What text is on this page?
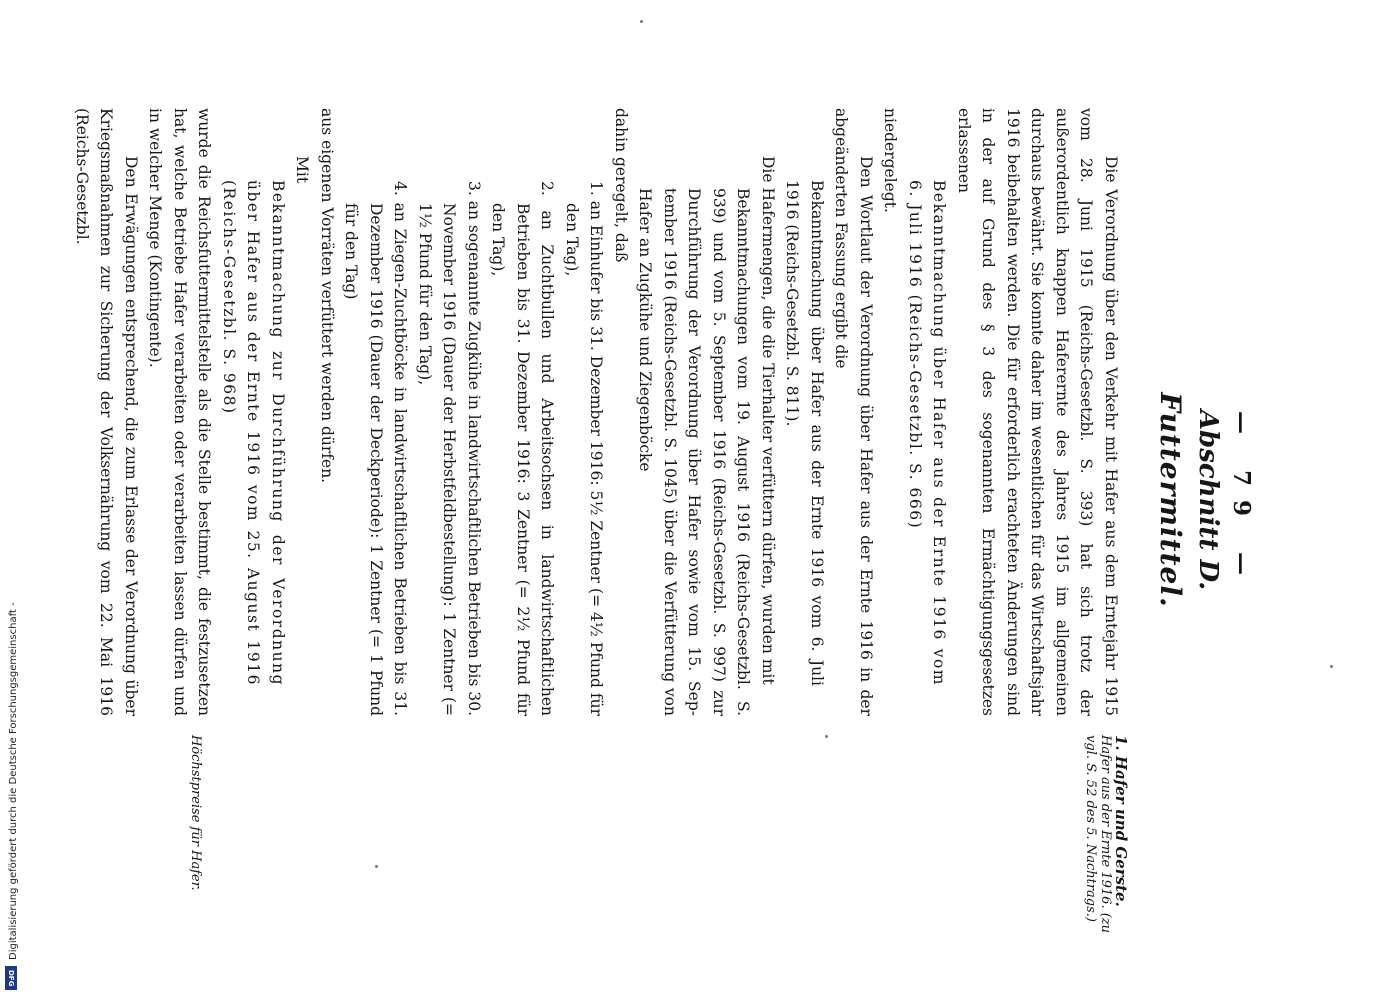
— 79 —
Abschnitt D.
Futtermittel.
1. Hafer und Gerste.
Hafer aus der Ernte 1916. (zu vgl. S. 52 des 5. Nachtrags.)
Höchstpreise für Hafer.

Die Verordnung über den Verkehr mit Hafer aus dem Erntejahr 1915 vom 28. Juni 1915 (Reichs-Gesetzbl. S. 393) hat sich trotz der außerordentlich knappen Haferernte des Jahres 1915 im allgemeinen durchaus bewährt. Sie konnte daher im wesentlichen für das Wirtschaftsjahr 1916 beibehalten werden. Die für erforderlich erachteten Änderungen sind in der auf Grund des § 3 des sogenannten Ermächtigungsgesetzes erlassenen

Bekanntmachung über Hafer aus der Ernte 1916 vom 6. Juli 1916 (Reichs-Gesetzbl. S. 666)

niedergelegt.

Den Wortlaut der Verordnung über Hafer aus der Ernte 1916 in der abgeänderten Fassung ergibt die

Bekanntmachung über Hafer aus der Ernte 1916 vom 6. Juli 1916 (Reichs-Gesetzbl. S. 811).

Die Hafermengen, die die Tierhalter verfüttern dürfen, wurden mit

Bekanntmachungen vom 19. August 1916 (Reichs-Gesetzbl. S. 939) und vom 5. September 1916 (Reichs-Gesetzbl. S. 997) zur Durchführung der Verordnung über Hafer sowie vom 15. September 1916 (Reichs-Gesetzbl. S. 1045) über die Verfütterung von Hafer an Zugkühe und Ziegenböcke

dahin geregelt, daß

1. an Einhufer bis 31. Dezember 1916: 5½ Zentner (= 4½ Pfund für den Tag),

2. an Zuchtbullen und Arbeitsochsen in landwirtschaftlichen Betrieben bis 31. Dezember 1916: 3 Zentner (= 2½ Pfund für den Tag),

3. an sogenannte Zugkühe in landwirtschaftlichen Betrieben bis 30. November 1916 (Dauer der Herbstfeldbestellung): 1 Zentner (= 1½ Pfund für den Tag),

4. an Ziegen-Zuchtböcke in landwirtschaftlichen Betrieben bis 31. Dezember 1916 (Dauer der Deckperiode): 1 Zentner (= 1 Pfund für den Tag)

aus eigenen Vorräten verfüttert werden dürfen.

Mit

Bekanntmachung zur Durchführung der Verordnung über Hafer aus der Ernte 1916 vom 25. August 1916 (Reichs-Gesetzbl. S. 968)

wurde die Reichsfuttermittelstelle als die Stelle bestimmt, die festzusetzen hat, welche Betriebe Hafer verarbeiten oder verarbeiten lassen dürfen und in welcher Menge (Kontingente).

Den Erwägungen entsprechend, die zum Erlasse der Verordnung über Kriegsmaßnahmen zur Sicherung der Volksernährung vom 22. Mai 1916 (Reichs-Gesetzbl.

Digitalisierung gefördert durch die Deutsche Forschungsgemeinschaft -
DFG
